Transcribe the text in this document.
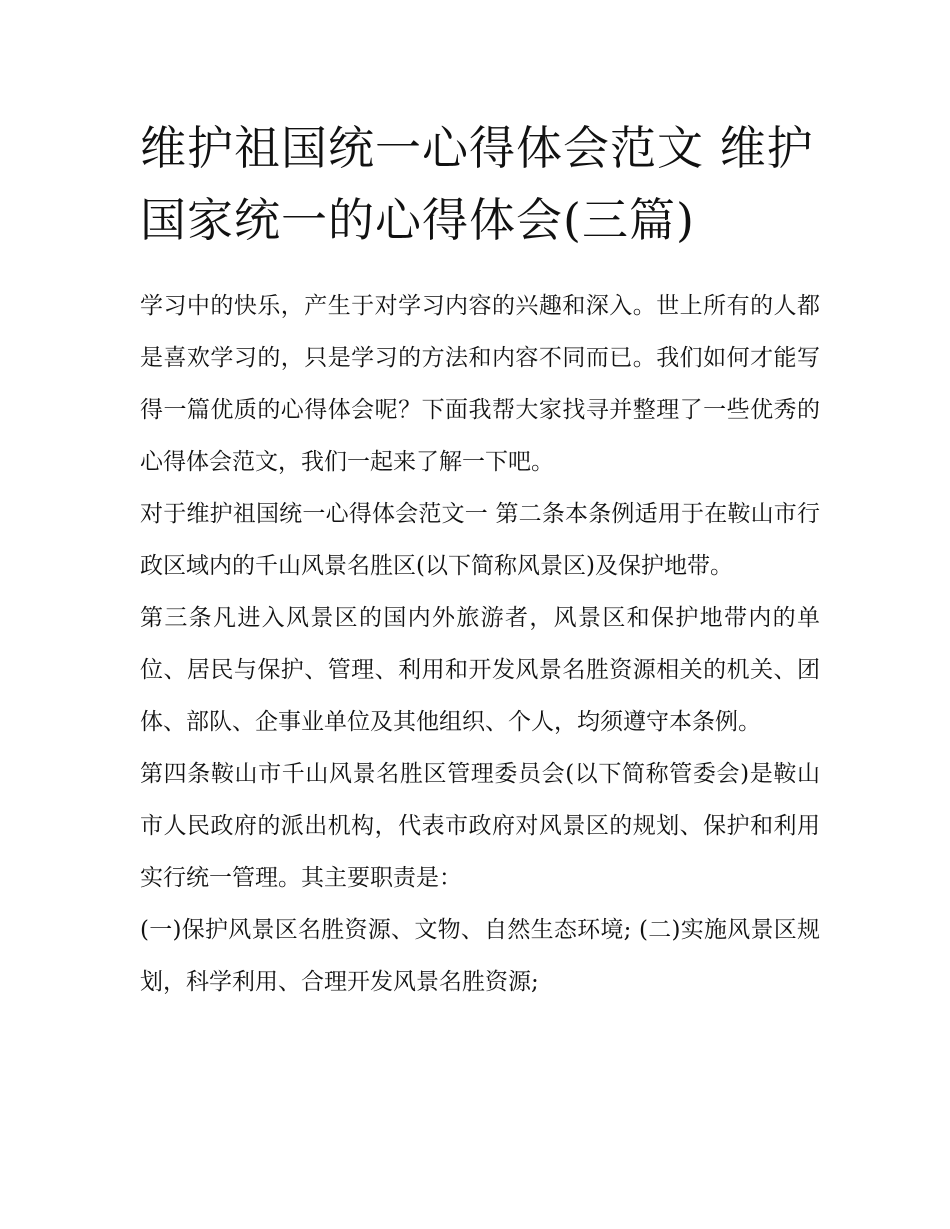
维护祖国统一心得体会范文 维护国家统一的心得体会(三篇)

学习中的快乐，产生于对学习内容的兴趣和深入。世上所有的人都是喜欢学习的，只是学习的方法和内容不同而已。我们如何才能写得一篇优质的心得体会呢？下面我帮大家找寻并整理了一些优秀的心得体会范文，我们一起来了解一下吧。

对于维护祖国统一心得体会范文一 第二条本条例适用于在鞍山市行政区域内的千山风景名胜区(以下简称风景区)及保护地带。

第三条凡进入风景区的国内外旅游者，风景区和保护地带内的单位、居民与保护、管理、利用和开发风景名胜资源相关的机关、团体、部队、企事业单位及其他组织、个人，均须遵守本条例。

第四条鞍山市千山风景名胜区管理委员会(以下简称管委会)是鞍山市人民政府的派出机构，代表市政府对风景区的规划、保护和利用实行统一管理。其主要职责是：

(一)保护风景区名胜资源、文物、自然生态环境; (二)实施风景区规划，科学利用、合理开发风景名胜资源;
